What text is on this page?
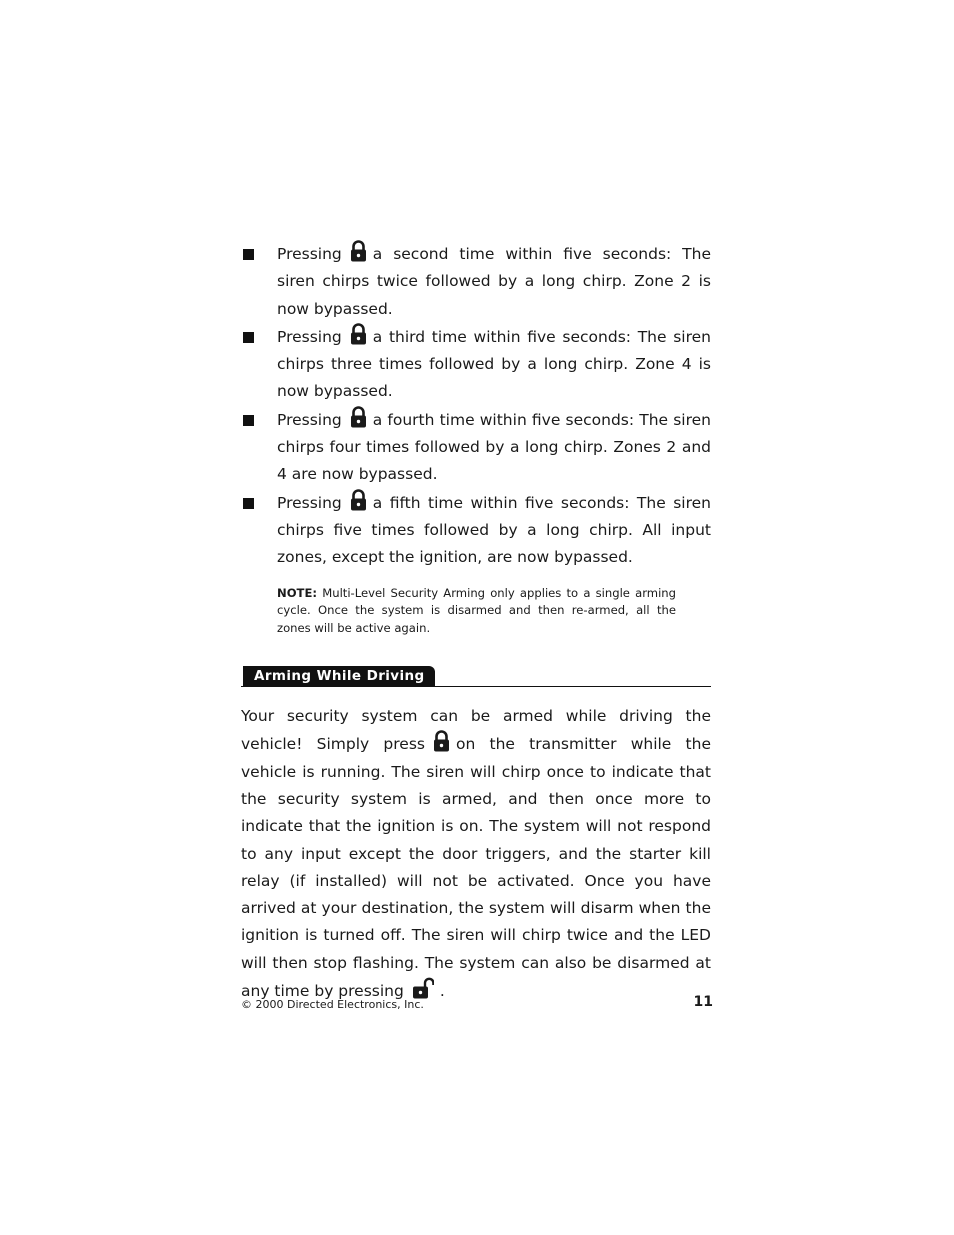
Pressing a second time within five seconds: The siren chirps twice followed by a long chirp. Zone 2 is now bypassed.
Pressing a third time within five seconds: The siren chirps three times followed by a long chirp. Zone 4 is now bypassed.
Pressing a fourth time within five seconds: The siren chirps four times followed by a long chirp. Zones 2 and 4 are now bypassed.
Pressing a fifth time within five seconds: The siren chirps five times followed by a long chirp. All input zones, except the ignition, are now bypassed.

NOTE: Multi-Level Security Arming only applies to a single arming cycle. Once the system is disarmed and then re-armed, all the zones will be active again.

Arming While Driving

Your security system can be armed while driving the vehicle! Simply press on the transmitter while the vehicle is running. The siren will chirp once to indicate that the security system is armed, and then once more to indicate that the ignition is on. The system will not respond to any input except the door triggers, and the starter kill relay (if installed) will not be activated. Once you have arrived at your destination, the system will disarm when the ignition is turned off. The siren will chirp twice and the LED will then stop flashing. The system can also be disarmed at any time by pressing .

© 2000 Directed Electronics, Inc.	11
